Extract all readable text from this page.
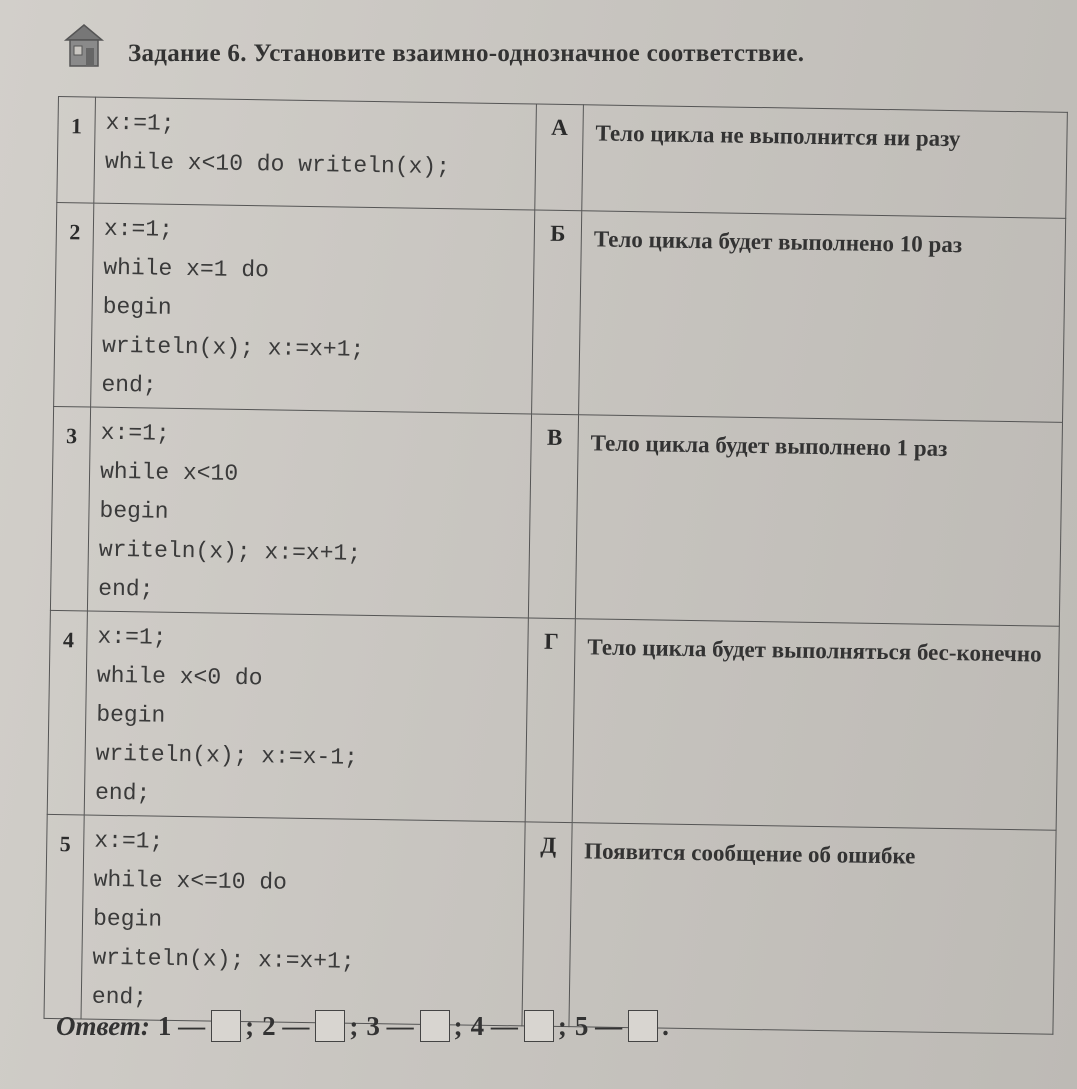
Задание 6. Установите взаимно-однозначное соответствие.
1	x:=1;
while x<10 do writeln(x);	А	Тело цикла не выполнится ни разу
2	x:=1;
while x=1 do
begin
writeln(x); x:=x+1;
end;	Б	Тело цикла будет выполнено 10 раз
3	x:=1;
while x<10
begin
writeln(x); x:=x+1;
end;	В	Тело цикла будет выполнено 1 раз
4	x:=1;
while x<0 do
begin
writeln(x); x:=x-1;
end;	Г	Тело цикла будет выполняться бес-конечно
5	x:=1;
while x<=10 do
begin
writeln(x); x:=x+1;
end;	Д	Появится сообщение об ошибке
Ответ: 1
— ; 2
— ; 3
— ; 4
— ; 5
— .
